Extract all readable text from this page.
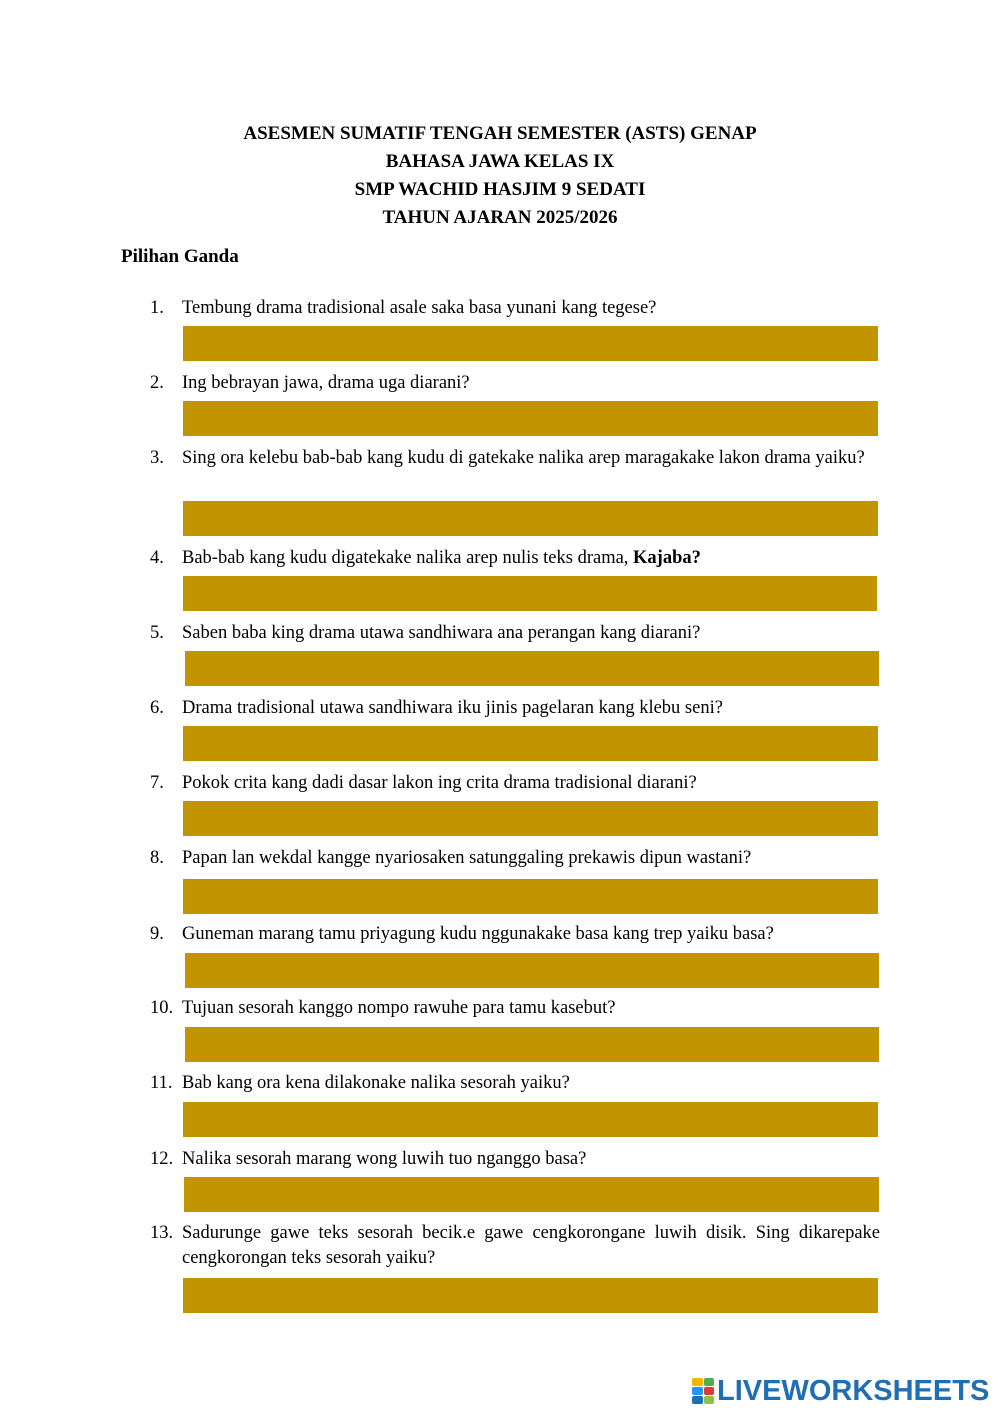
ASESMEN SUMATIF TENGAH SEMESTER (ASTS) GENAP
BAHASA JAWA KELAS IX
SMP WACHID HASJIM 9 SEDATI
TAHUN AJARAN 2025/2026
Pilihan Ganda
1. Tembung drama tradisional asale saka basa yunani kang tegese?
2. Ing bebrayan jawa, drama uga diarani?
3. Sing ora kelebu bab-bab kang kudu di gatekake nalika arep maragakake lakon drama yaiku?
4. Bab-bab kang kudu digatekake nalika arep nulis teks drama, Kajaba?
5. Saben baba king drama utawa sandhiwara ana perangan kang diarani?
6. Drama tradisional utawa sandhiwara iku jinis pagelaran kang klebu seni?
7. Pokok crita kang dadi dasar lakon ing crita drama tradisional diarani?
8. Papan lan wekdal kangge nyariosaken satunggaling prekawis dipun wastani?
9. Guneman marang tamu priyagung kudu nggunakake basa kang trep yaiku basa?
10. Tujuan sesorah kanggo nompo rawuhe para tamu kasebut?
11. Bab kang ora kena dilakonake nalika sesorah yaiku?
12. Nalika sesorah marang wong luwih tuo nganggo basa?
13. Sadurunge gawe teks sesorah becik.e gawe cengkorongane luwih disik. Sing dikarepake cengkorongan teks sesorah yaiku?
LIVEWORKSHEETS
